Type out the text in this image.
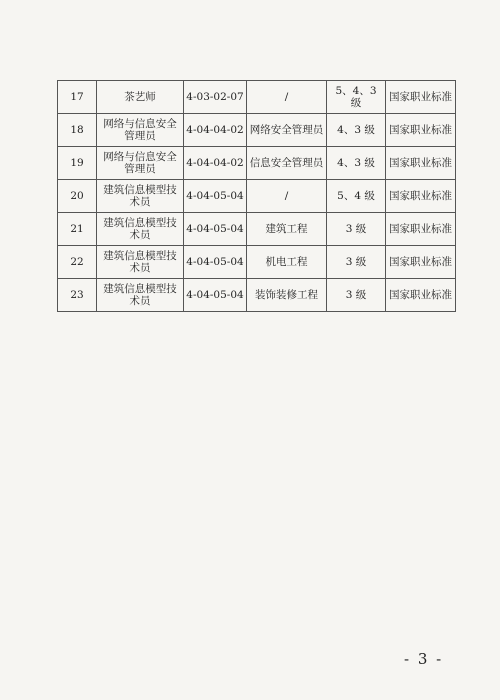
17	茶艺师	4-03-02-07	/	5、4、3 级	国家职业标准
18	网络与信息安全管理员	4-04-04-02	网络安全管理员	4、3 级	国家职业标准
19	网络与信息安全管理员	4-04-04-02	信息安全管理员	4、3 级	国家职业标准
20	建筑信息模型技术员	4-04-05-04	/	5、4 级	国家职业标准
21	建筑信息模型技术员	4-04-05-04	建筑工程	3 级	国家职业标准
22	建筑信息模型技术员	4-04-05-04	机电工程	3 级	国家职业标准
23	建筑信息模型技术员	4-04-05-04	装饰装修工程	3 级	国家职业标准
- 3 -
